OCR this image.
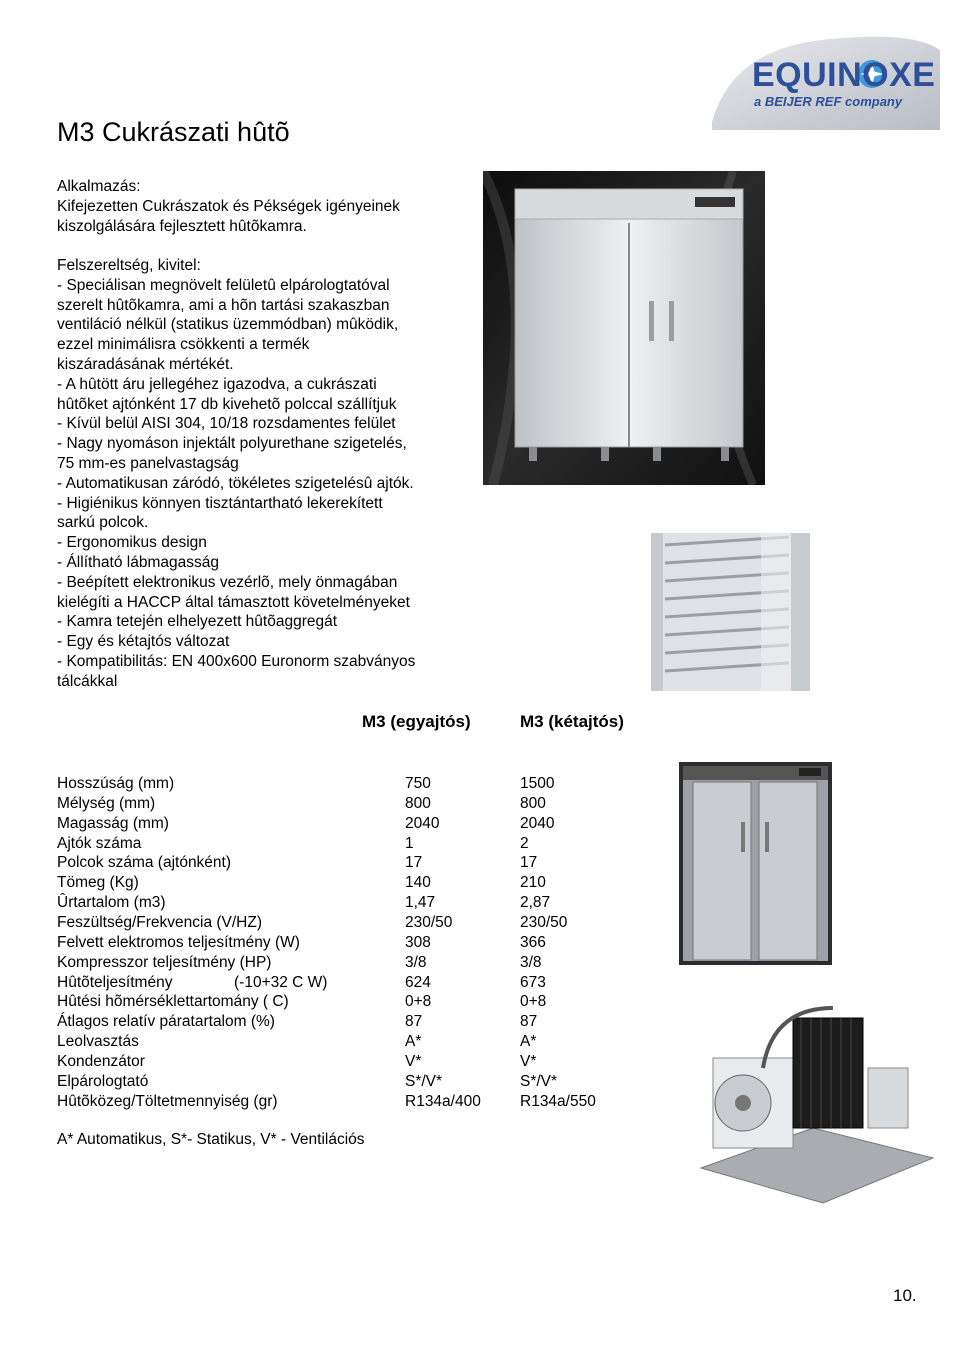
EQUINOXE
a BEIJER REF company
M3 Cukrászati hûtõ
Alkalmazás:
Kifejezetten Cukrászatok és Pékségek igényeinek
kiszolgálására fejlesztett hûtõkamra.
Felszereltség, kivitel:
- Speciálisan megnövelt felületû elpárologtatóval
szerelt hûtõkamra, ami a hõn tartási szakaszban
ventiláció nélkül (statikus üzemmódban) mûködik,
ezzel minimálisra csökkenti a termék
kiszáradásának mértékét.
- A hûtött áru jellegéhez igazodva, a cukrászati
hûtõket ajtónként 17 db kivehetõ polccal szállítjuk
- Kívül belül AISI 304, 10/18 rozsdamentes felület
- Nagy nyomáson injektált polyurethane szigetelés,
75 mm-es panelvastagság
- Automatikusan záródó, tökéletes szigetelésû ajtók.
- Higiénikus könnyen tisztántartható lekerekített
sarkú polcok.
- Ergonomikus design
- Állítható lábmagasság
- Beépített elektronikus vezérlõ, mely önmagában
kielégíti a HACCP által támasztott követelményeket
- Kamra tetején elhelyezett hûtõaggregát
- Egy és kétajtós változat
- Kompatibilitás: EN 400x600 Euronorm szabványos
tálcákkal
M3 (egyajtós)	M3 (kétajtós)
Hosszúság (mm)	750	1500
Mélység (mm)	800	800
Magasság (mm)	2040	2040
Ajtók száma	1	2
Polcok száma (ajtónként)	17	17
Tömeg (Kg)	140	210
Ûrtartalom (m3)	1,47	2,87
Feszültség/Frekvencia (V/HZ)	230/50	230/50
Felvett elektromos teljesítmény (W)	308	366
Kompresszor teljesítmény (HP)	3/8	3/8
Hûtõteljesítmény	(-10+32 C W)	624	673
Hûtési hõmérséklettartomány ( C)	0+8	0+8
Átlagos relatív páratartalom (%)	87	87
Leolvasztás	A*	A*
Kondenzátor	V*	V*
Elpárologtató	S*/V*	S*/V*
Hûtõközeg/Töltetmennyiség (gr)	R134a/400	R134a/550
A* Automatikus, S*- Statikus, V* - Ventilációs
10.
